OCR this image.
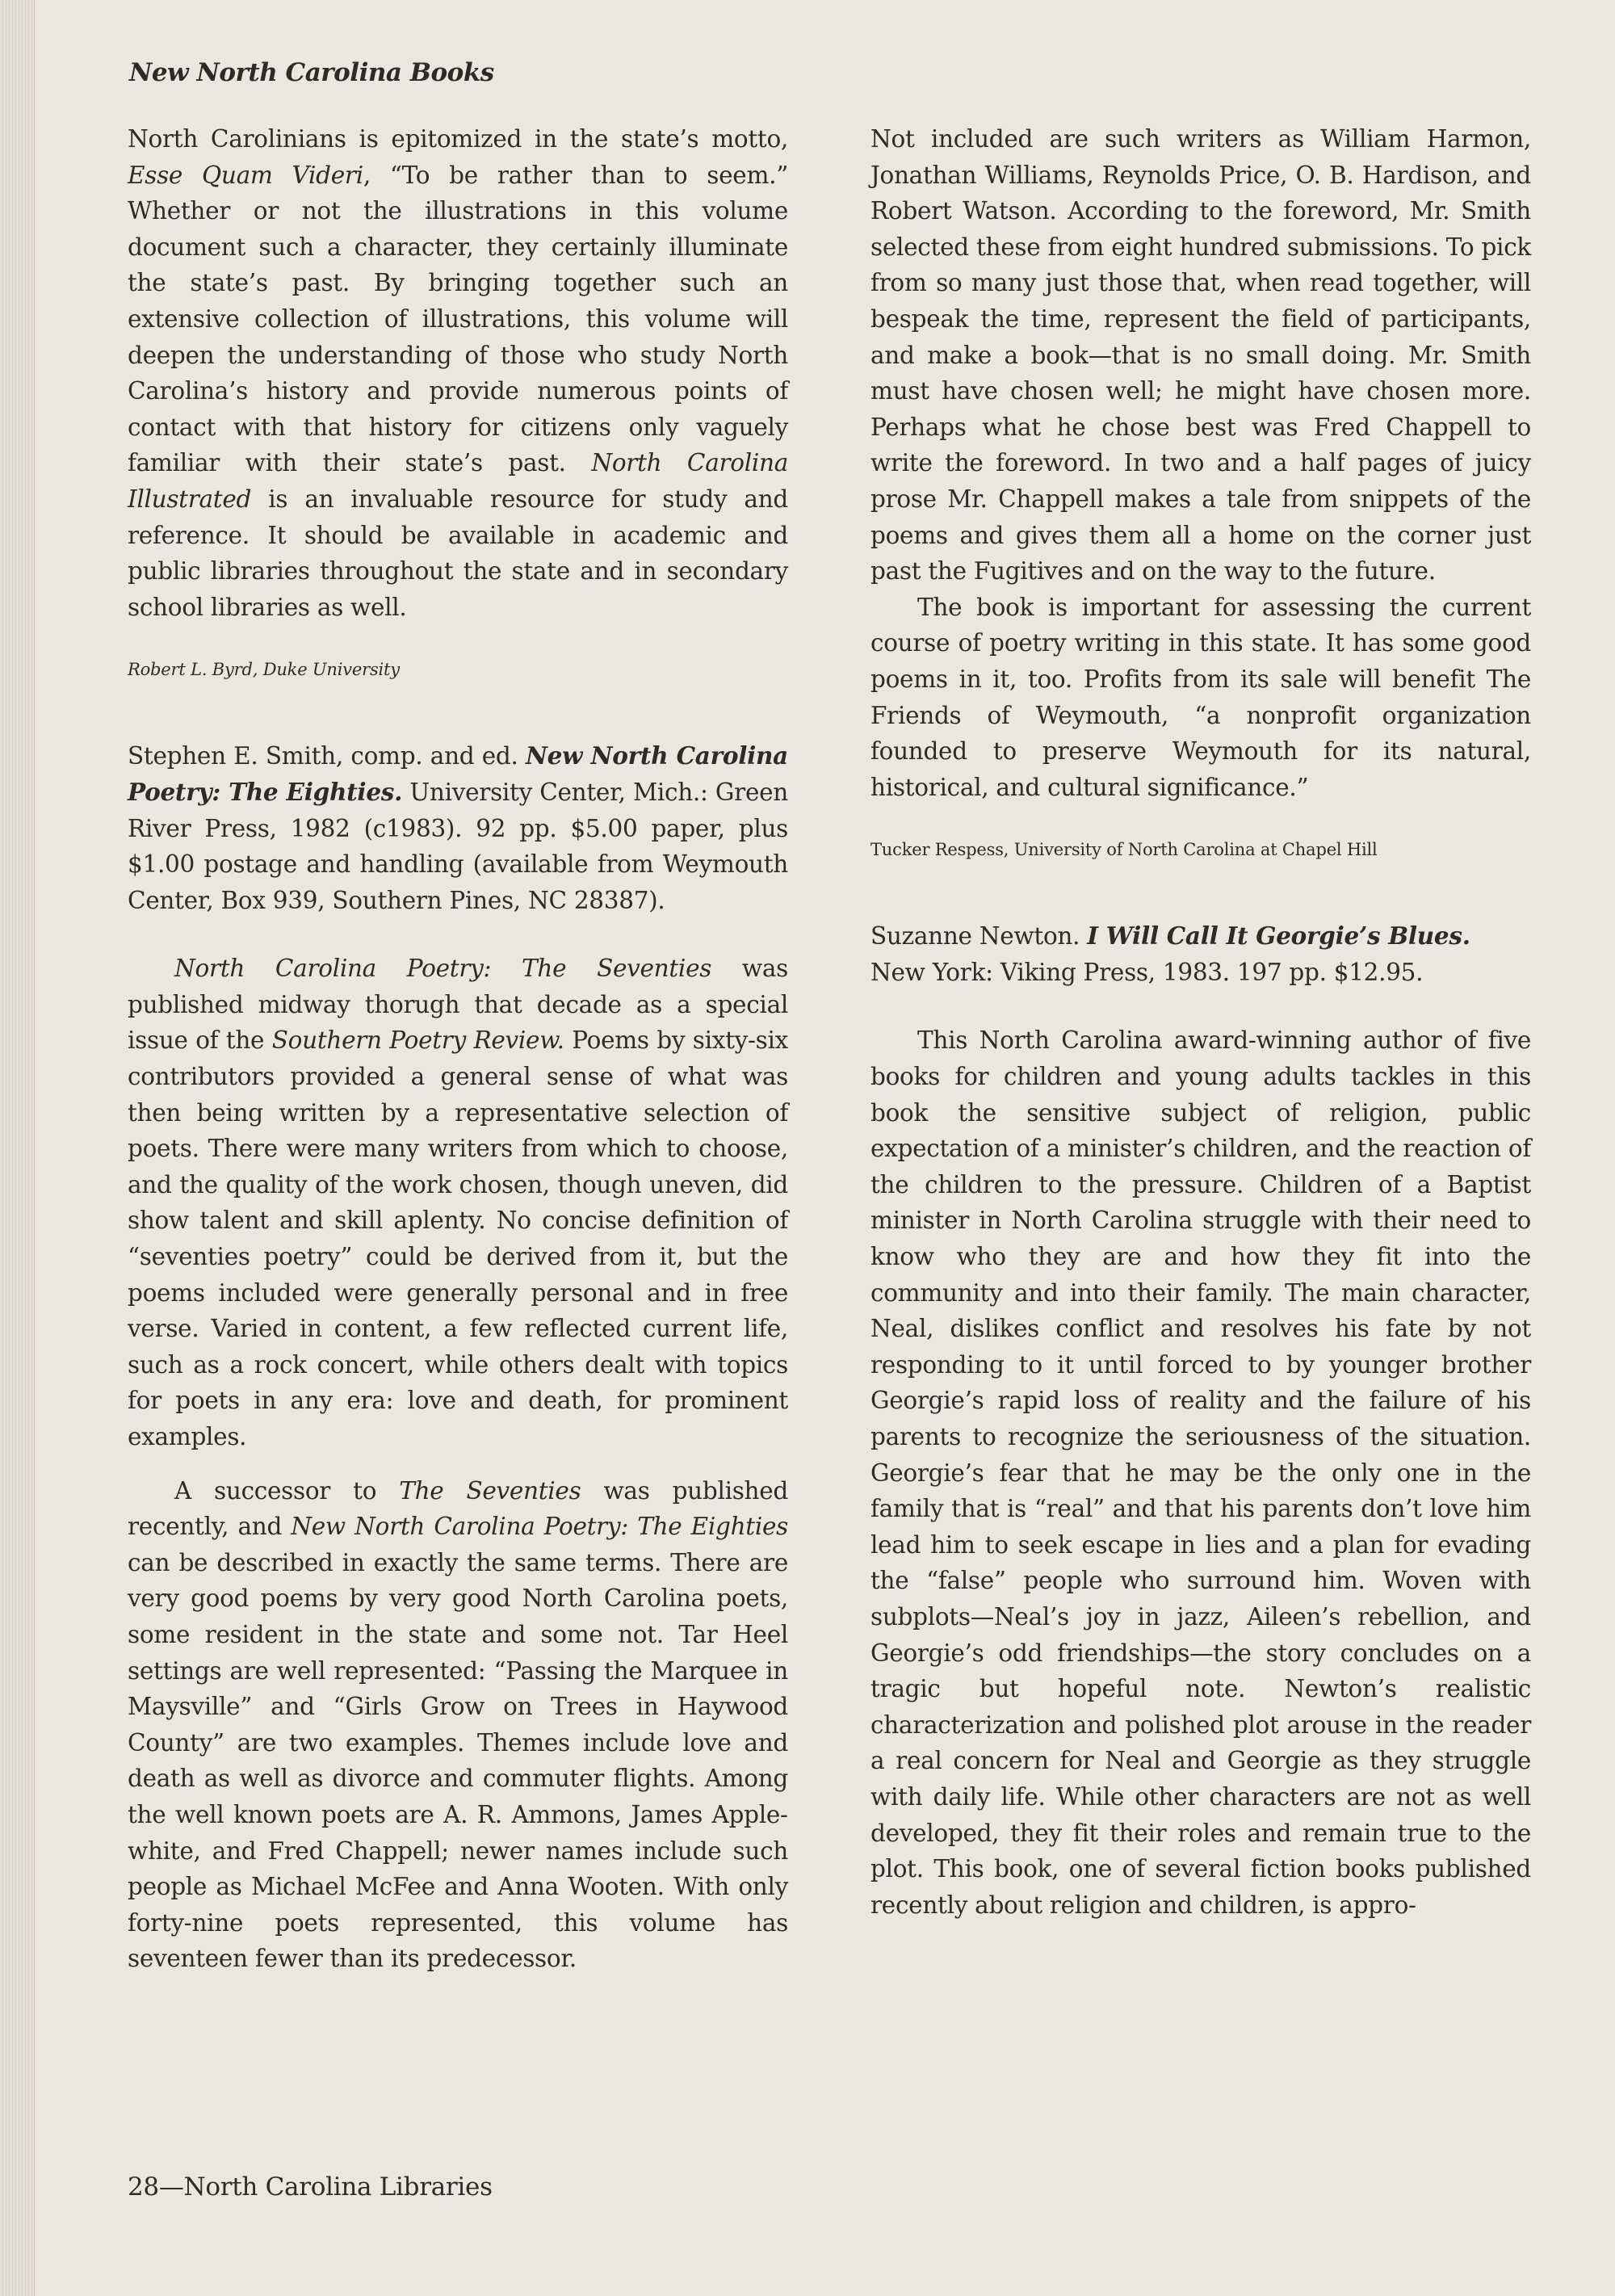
New North Carolina Books

North Carolinians is epitomized in the state’s motto, Esse Quam Videri, “To be rather than to seem.” Whether or not the illustrations in this volume document such a character, they certainly illuminate the state’s past. By bringing together such an extensive collection of illustrations, this volume will deepen the understanding of those who study North Carolina’s history and provide numerous points of contact with that history for citizens only vaguely familiar with their state’s past. North Carolina Illustrated is an invaluable resource for study and reference. It should be available in academic and public libraries throughout the state and in secondary school libraries as well.

Robert L. Byrd, Duke University

Stephen E. Smith, comp. and ed. New North Carolina Poetry: The Eighties. University Center, Mich.: Green River Press, 1982 (c1983). 92 pp. $5.00 paper, plus $1.00 postage and handling (available from Weymouth Center, Box 939, Southern Pines, NC 28387).

North Carolina Poetry: The Seventies was published midway thorugh that decade as a special issue of the Southern Poetry Review. Poems by sixty-six contributors provided a general sense of what was then being written by a representative selection of poets. There were many writers from which to choose, and the quality of the work chosen, though uneven, did show talent and skill aplenty. No concise definition of “seventies poetry” could be derived from it, but the poems included were generally personal and in free verse. Varied in content, a few reflected current life, such as a rock concert, while others dealt with topics for poets in any era: love and death, for prominent examples.

A successor to The Seventies was published recently, and New North Carolina Poetry: The Eighties can be described in exactly the same terms. There are very good poems by very good North Carolina poets, some resident in the state and some not. Tar Heel settings are well represented: “Passing the Marquee in Maysville” and “Girls Grow on Trees in Haywood County” are two examples. Themes include love and death as well as divorce and commuter flights. Among the well known poets are A. R. Ammons, James Applewhite, and Fred Chappell; newer names include such people as Michael McFee and Anna Wooten. With only forty-nine poets represented, this volume has seventeen fewer than its predecessor.

Not included are such writers as William Harmon, Jonathan Williams, Reynolds Price, O. B. Hardison, and Robert Watson. According to the foreword, Mr. Smith selected these from eight hundred submissions. To pick from so many just those that, when read together, will bespeak the time, represent the field of participants, and make a book—that is no small doing. Mr. Smith must have chosen well; he might have chosen more. Perhaps what he chose best was Fred Chappell to write the foreword. In two and a half pages of juicy prose Mr. Chappell makes a tale from snippets of the poems and gives them all a home on the corner just past the Fugitives and on the way to the future.

The book is important for assessing the current course of poetry writing in this state. It has some good poems in it, too. Profits from its sale will benefit The Friends of Weymouth, “a nonprofit organization founded to preserve Weymouth for its natural, historical, and cultural significance.”

Tucker Respess, University of North Carolina at Chapel Hill

Suzanne Newton. I Will Call It Georgie’s Blues. New York: Viking Press, 1983. 197 pp. $12.95.

This North Carolina award-winning author of five books for children and young adults tackles in this book the sensitive subject of religion, public expectation of a minister’s children, and the reaction of the children to the pressure. Children of a Baptist minister in North Carolina struggle with their need to know who they are and how they fit into the community and into their family. The main character, Neal, dislikes conflict and resolves his fate by not responding to it until forced to by younger brother Georgie’s rapid loss of reality and the failure of his parents to recognize the seriousness of the situation. Georgie’s fear that he may be the only one in the family that is “real” and that his parents don’t love him lead him to seek escape in lies and a plan for evading the “false” people who surround him. Woven with subplots—Neal’s joy in jazz, Aileen’s rebellion, and Georgie’s odd friendships—the story concludes on a tragic but hopeful note. Newton’s realistic characterization and polished plot arouse in the reader a real concern for Neal and Georgie as they struggle with daily life. While other characters are not as well developed, they fit their roles and remain true to the plot. This book, one of several fiction books published recently about religion and children, is appro-

28—North Carolina Libraries
